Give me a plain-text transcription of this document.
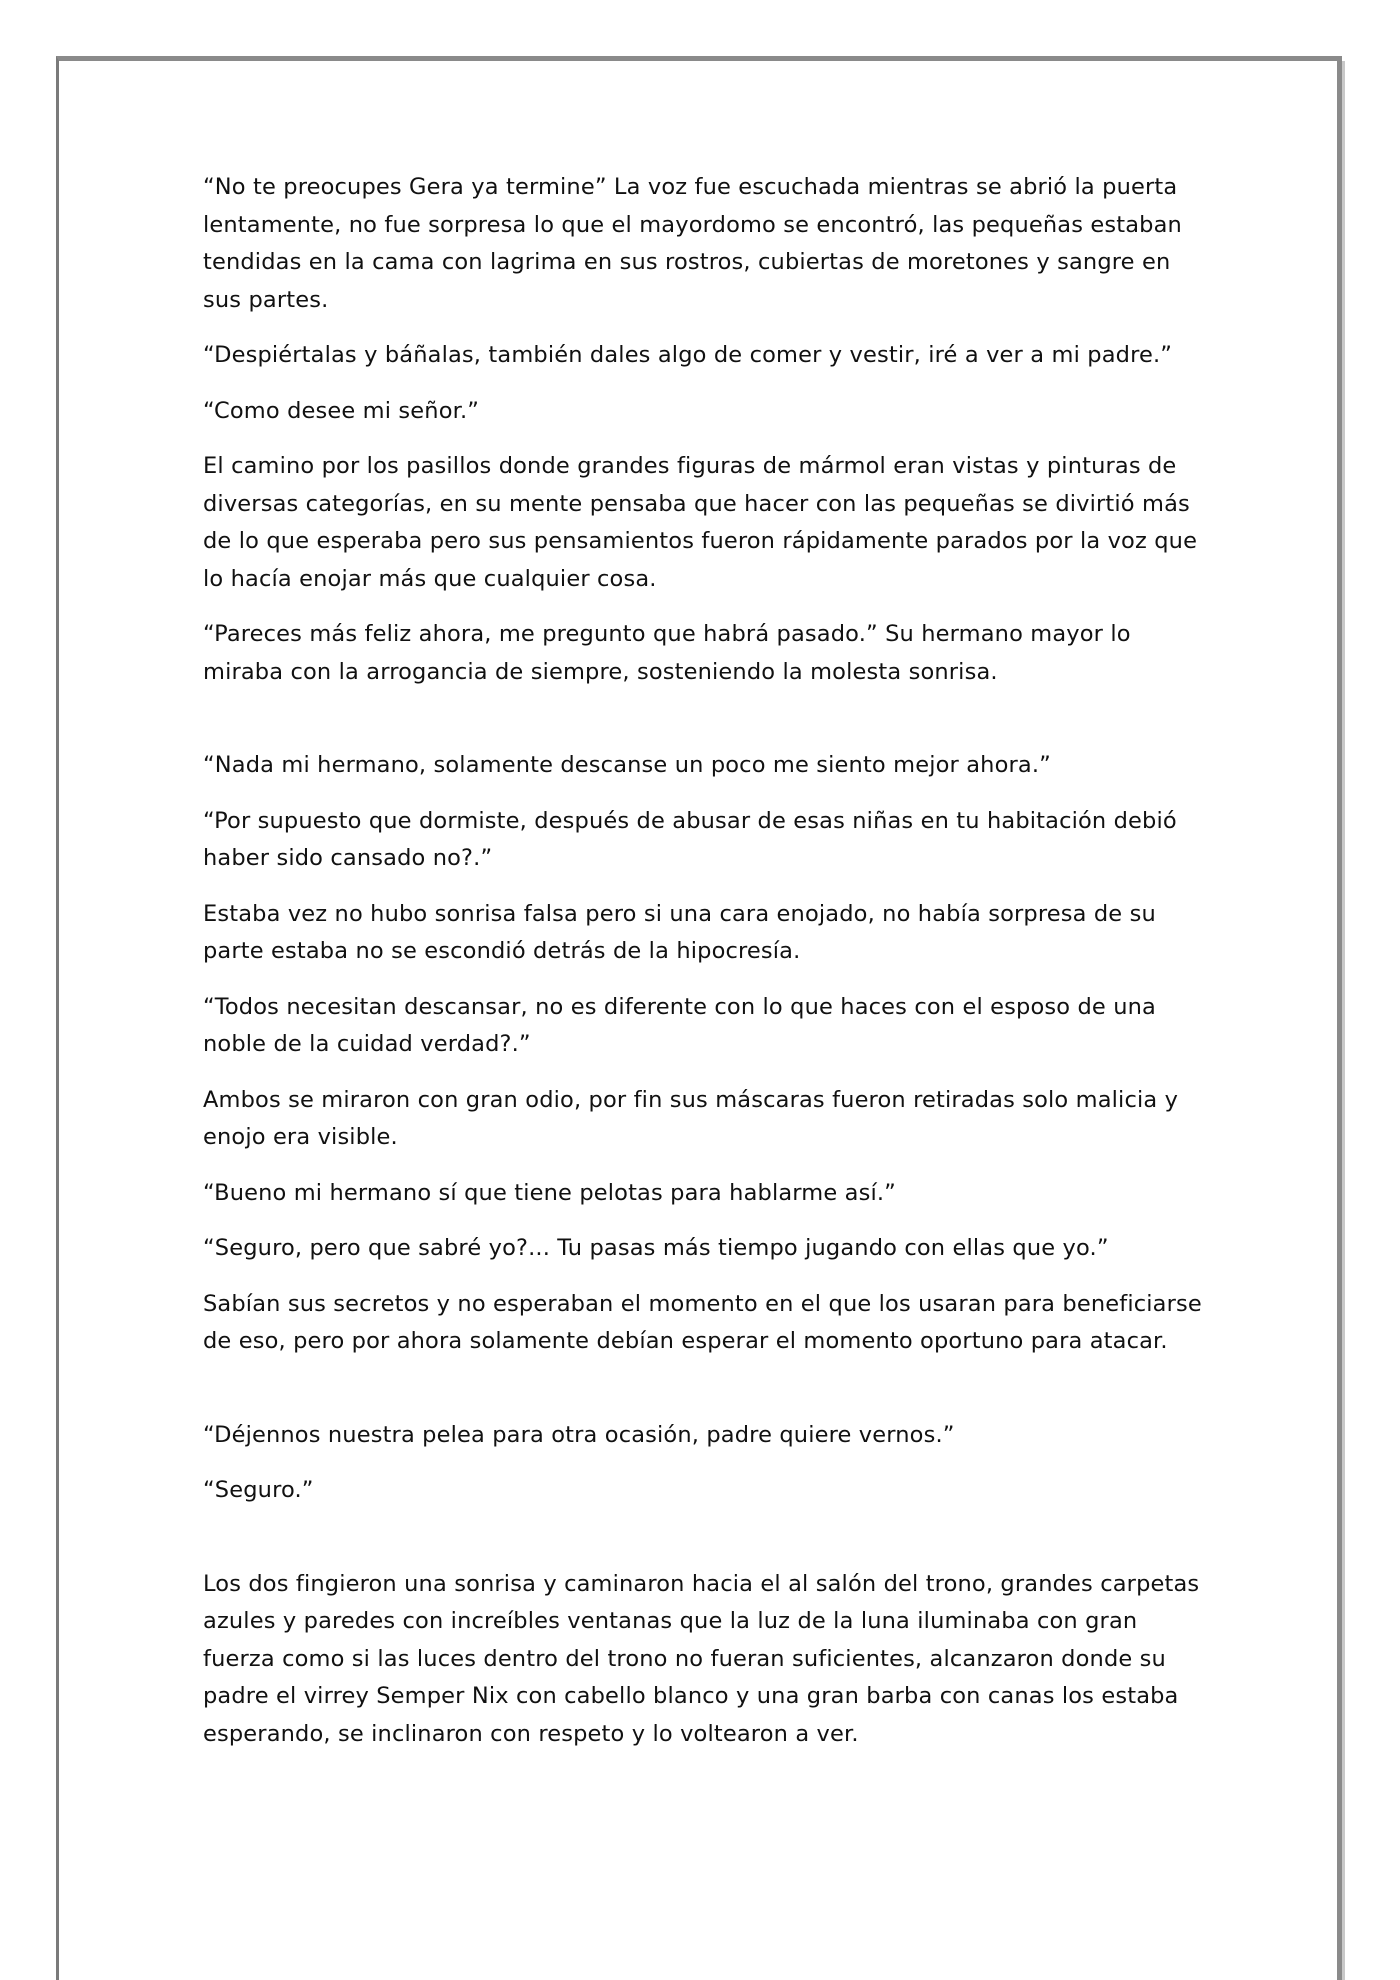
“No te preocupes Gera ya termine” La voz fue escuchada mientras se abrió la puerta lentamente, no fue sorpresa lo que el mayordomo se encontró, las pequeñas estaban tendidas en la cama con lagrima en sus rostros, cubiertas de moretones y sangre en sus partes.

“Despiértalas y báñalas, también dales algo de comer y vestir, iré a ver a mi padre.”

“Como desee mi señor.”

El camino por los pasillos donde grandes figuras de mármol eran vistas y pinturas de diversas categorías, en su mente pensaba que hacer con las pequeñas se divirtió más de lo que esperaba pero sus pensamientos fueron rápidamente parados por la voz que lo hacía enojar más que cualquier cosa.

“Pareces más feliz ahora, me pregunto que habrá pasado.” Su hermano mayor lo miraba con la arrogancia de siempre, sosteniendo la molesta sonrisa.

“Nada mi hermano, solamente descanse un poco me siento mejor ahora.”

“Por supuesto que dormiste, después de abusar de esas niñas en tu habitación debió haber sido cansado no?.”

Estaba vez no hubo sonrisa falsa pero si una cara enojado, no había sorpresa de su parte estaba no se escondió detrás de la hipocresía.

“Todos necesitan descansar, no es diferente con lo que haces con el esposo de una noble de la cuidad verdad?.”

Ambos se miraron con gran odio, por fin sus máscaras fueron retiradas solo malicia y enojo era visible.

“Bueno mi hermano sí que tiene pelotas para hablarme así.”

“Seguro, pero que sabré yo?... Tu pasas más tiempo jugando con ellas que yo.”

Sabían sus secretos y no esperaban el momento en el que los usaran para beneficiarse de eso, pero por ahora solamente debían esperar el momento oportuno para atacar.

“Déjennos nuestra pelea para otra ocasión, padre quiere vernos.”

“Seguro.”

Los dos fingieron una sonrisa y caminaron hacia el al salón del trono, grandes carpetas azules y paredes con increíbles ventanas que la luz de la luna iluminaba con gran fuerza como si las luces dentro del trono no fueran suficientes, alcanzaron donde su padre el virrey Semper Nix con cabello blanco y una gran barba con canas los estaba esperando, se inclinaron con respeto y lo voltearon a ver.
